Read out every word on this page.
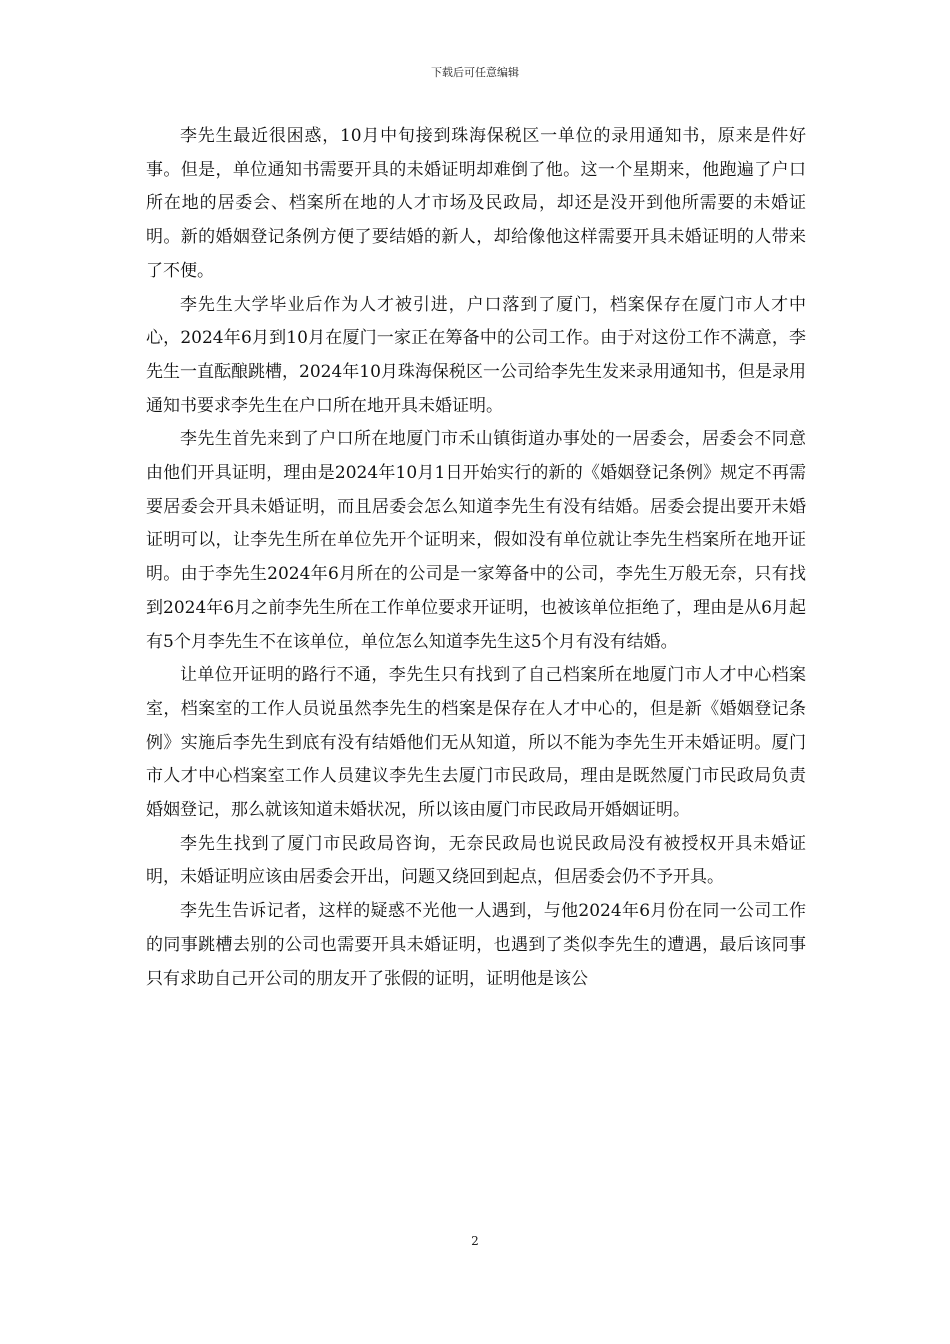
下载后可任意编辑

李先生最近很困惑，10月中旬接到珠海保税区一单位的录用通知书，原来是件好事。但是，单位通知书需要开具的未婚证明却难倒了他。这一个星期来，他跑遍了户口所在地的居委会、档案所在地的人才市场及民政局，却还是没开到他所需要的未婚证明。新的婚姻登记条例方便了要结婚的新人，却给像他这样需要开具未婚证明的人带来了不便。

李先生大学毕业后作为人才被引进，户口落到了厦门，档案保存在厦门市人才中心，2024年6月到10月在厦门一家正在筹备中的公司工作。由于对这份工作不满意，李先生一直酝酿跳槽，2024年10月珠海保税区一公司给李先生发来录用通知书，但是录用通知书要求李先生在户口所在地开具未婚证明。

李先生首先来到了户口所在地厦门市禾山镇街道办事处的一居委会，居委会不同意由他们开具证明，理由是2024年10月1日开始实行的新的《婚姻登记条例》规定不再需要居委会开具未婚证明，而且居委会怎么知道李先生有没有结婚。居委会提出要开未婚证明可以，让李先生所在单位先开个证明来，假如没有单位就让李先生档案所在地开证明。由于李先生2024年6月所在的公司是一家筹备中的公司，李先生万般无奈，只有找到2024年6月之前李先生所在工作单位要求开证明，也被该单位拒绝了，理由是从6月起有5个月李先生不在该单位，单位怎么知道李先生这5个月有没有结婚。

让单位开证明的路行不通，李先生只有找到了自己档案所在地厦门市人才中心档案室，档案室的工作人员说虽然李先生的档案是保存在人才中心的，但是新《婚姻登记条例》实施后李先生到底有没有结婚他们无从知道，所以不能为李先生开未婚证明。厦门市人才中心档案室工作人员建议李先生去厦门市民政局，理由是既然厦门市民政局负责婚姻登记，那么就该知道未婚状况，所以该由厦门市民政局开婚姻证明。

李先生找到了厦门市民政局咨询，无奈民政局也说民政局没有被授权开具未婚证明，未婚证明应该由居委会开出，问题又绕回到起点，但居委会仍不予开具。

李先生告诉记者，这样的疑惑不光他一人遇到，与他2024年6月份在同一公司工作的同事跳槽去别的公司也需要开具未婚证明，也遇到了类似李先生的遭遇，最后该同事只有求助自己开公司的朋友开了张假的证明，证明他是该公

2
